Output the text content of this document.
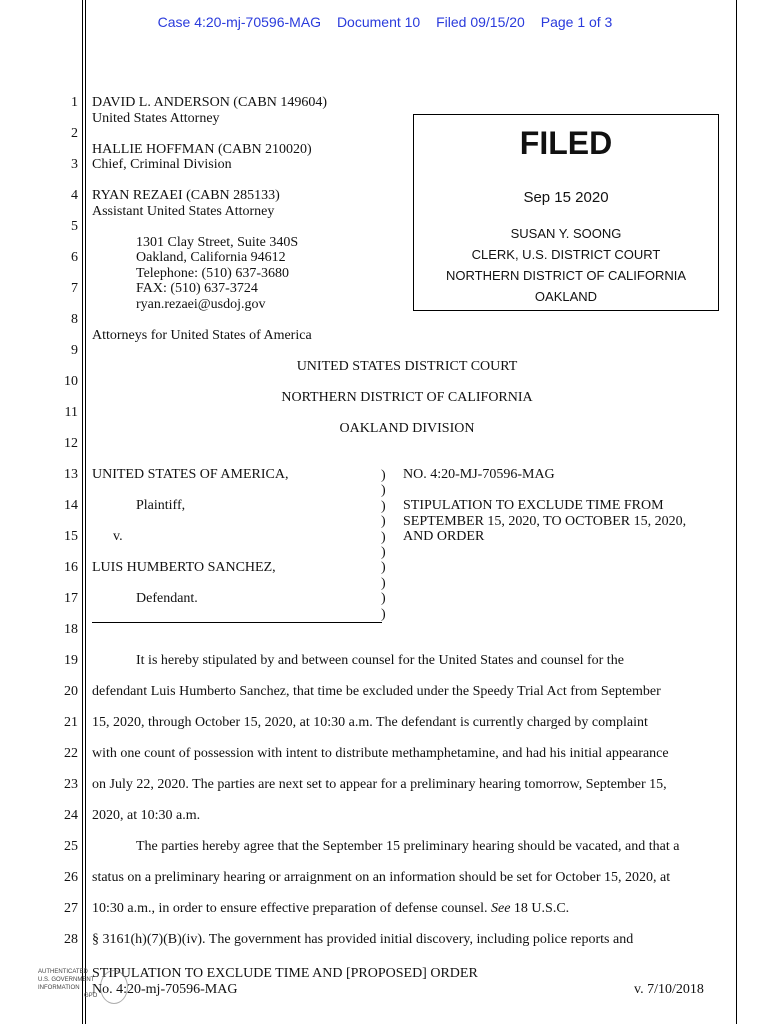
Case 4:20-mj-70596-MAG Document 10 Filed 09/15/20 Page 1 of 3
1
2
3
4
5
6
7
8
9
10
11
12
13
14
15
16
17
18
19
20
21
22
23
24
25
26
27
28
DAVID L. ANDERSON (CABN 149604)
United States Attorney
HALLIE HOFFMAN (CABN 210020)
Chief, Criminal Division
RYAN REZAEI (CABN 285133)
Assistant United States Attorney
1301 Clay Street, Suite 340S
Oakland, California 94612
Telephone: (510) 637-3680
FAX: (510) 637-3724
ryan.rezaei@usdoj.gov
Attorneys for United States of America
FILED
Sep 15 2020
SUSAN Y. SOONG
CLERK, U.S. DISTRICT COURT
NORTHERN DISTRICT OF CALIFORNIA
OAKLAND
UNITED STATES DISTRICT COURT
NORTHERN DISTRICT OF CALIFORNIA
OAKLAND DIVISION
UNITED STATES OF AMERICA,
Plaintiff,
v.
LUIS HUMBERTO SANCHEZ,
Defendant.
)
)
)
)
)
)
)
)
)
)
NO. 4:20-MJ-70596-MAG
STIPULATION TO EXCLUDE TIME FROM
SEPTEMBER 15, 2020, TO OCTOBER 15, 2020,
AND ORDER
It is hereby stipulated by and between counsel for the United States and counsel for the
defendant Luis Humberto Sanchez, that time be excluded under the Speedy Trial Act from September
15, 2020, through October 15, 2020, at 10:30 a.m. The defendant is currently charged by complaint
with one count of possession with intent to distribute methamphetamine, and had his initial appearance
on July 22, 2020. The parties are next set to appear for a preliminary hearing tomorrow, September 15,
2020, at 10:30 a.m.
The parties hereby agree that the September 15 preliminary hearing should be vacated, and that a
status on a preliminary hearing or arraignment on an information should be set for October 15, 2020, at
10:30 a.m., in order to ensure effective preparation of defense counsel. See 18 U.S.C.
§ 3161(h)(7)(B)(iv). The government has provided initial discovery, including police reports and
STIPULATION TO EXCLUDE TIME AND [PROPOSED] ORDER
No. 4:20-mj-70596-MAG	v. 7/10/2018
AUTHENTICATED
U.S. GOVERNMENT
INFORMATION
GPO
